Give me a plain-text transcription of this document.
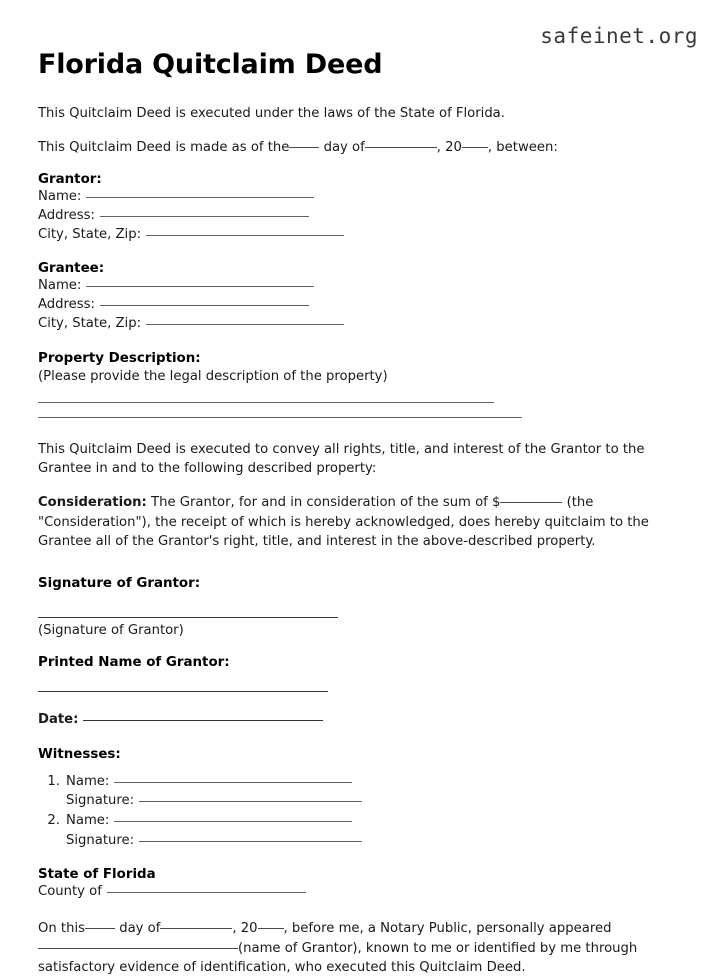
safeinet.org
Florida Quitclaim Deed

This Quitclaim Deed is executed under the laws of the State of Florida.

This Quitclaim Deed is made as of the	day of	, 20 , between:

Grantor:
Name:
Address:
City, State, Zip:
Grantee:
Name:
Address:
City, State, Zip:
Property Description:
(Please provide the legal description of the property)

This Quitclaim Deed is executed to convey all rights, title, and interest of the Grantor to the Grantee in and to the following described property:

Consideration: The Grantor, for and in consideration of the sum of $	(the "Consideration"), the receipt of which is hereby acknowledged, does hereby quitclaim to the Grantee all of the Grantor's right, title, and interest in the above-described property.

Signature of Grantor:
(Signature of Grantor)
Printed Name of Grantor:
Date:
Witnesses:
1. Name:
Signature:
2. Name:
Signature:
State of Florida
County of
On this	day of	, 20 , before me, a Notary Public, personally appeared (name of Grantor), known to me or identified by me through satisfactory evidence of identification, who executed this Quitclaim Deed.
